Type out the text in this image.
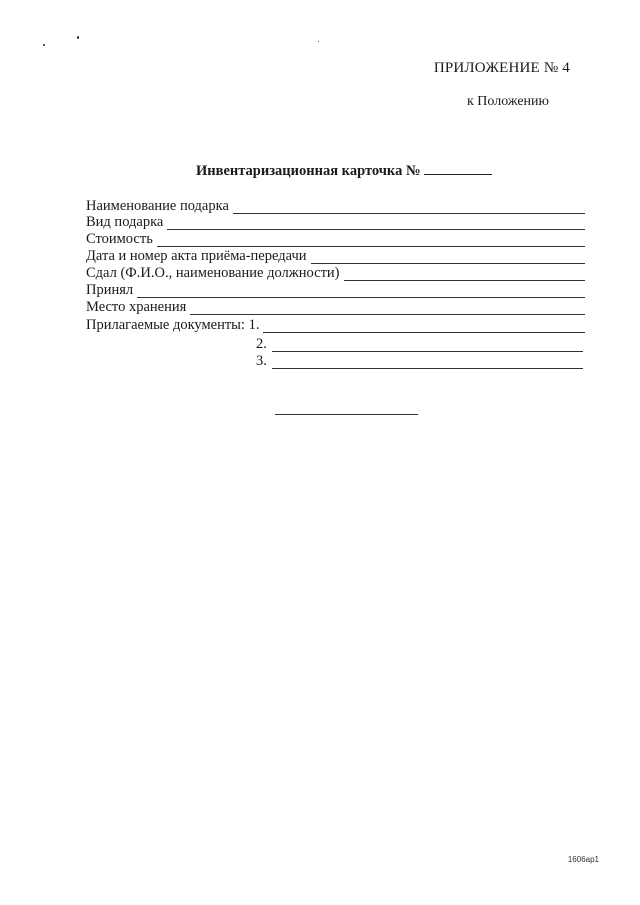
ПРИЛОЖЕНИЕ № 4
к Положению
Инвентаризационная карточка №
Наименование подарка
Вид подарка
Стоимость
Дата и номер акта приёма-передачи
Сдал (Ф.И.О., наименование должности)
Принял
Место хранения
Прилагаемые документы: 1.
2.
3.
1606ap1
